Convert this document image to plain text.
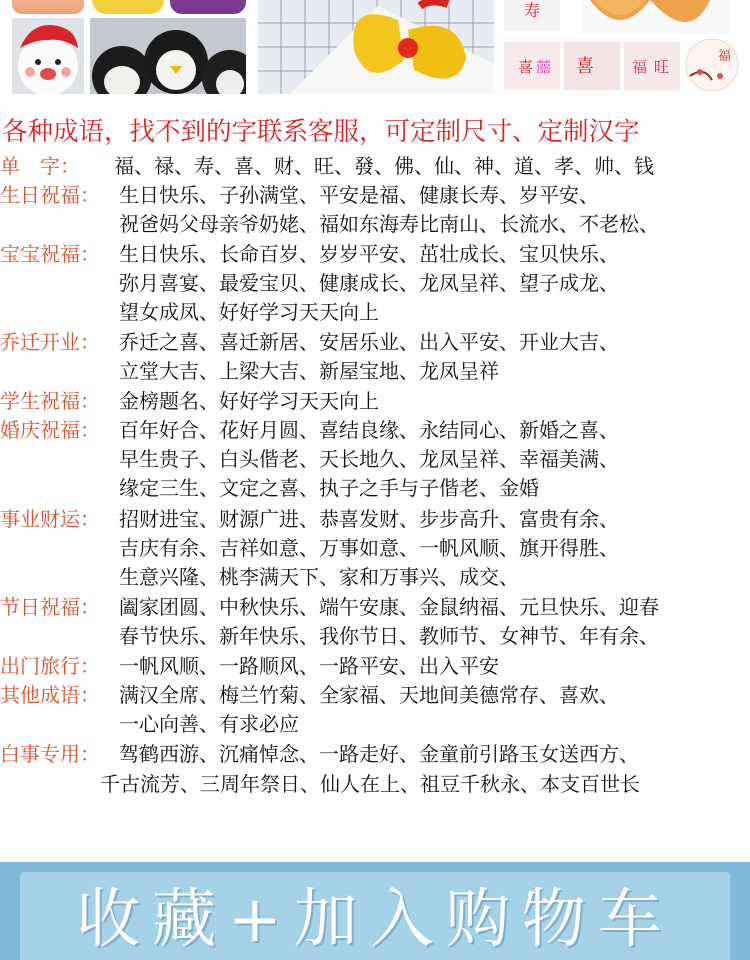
寿
喜 囍 喜	福 旺
福
各种成语，找不到的字联系客服，可定制尺寸、定制汉字
单　字： 福、禄、寿、喜、财、旺、發、佛、仙、神、道、孝、帅、钱
生日祝福： 生日快乐、子孙满堂、平安是福、健康长寿、岁平安、
祝爸妈父母亲爷奶姥、福如东海寿比南山、长流水、不老松、
宝宝祝福： 生日快乐、长命百岁、岁岁平安、茁壮成长、宝贝快乐、
弥月喜宴、最爱宝贝、健康成长、龙凤呈祥、望子成龙、
望女成凤、好好学习天天向上
乔迁开业： 乔迁之喜、喜迁新居、安居乐业、出入平安、开业大吉、
立堂大吉、上梁大吉、新屋宝地、龙凤呈祥
学生祝福： 金榜题名、好好学习天天向上
婚庆祝福： 百年好合、花好月圆、喜结良缘、永结同心、新婚之喜、
早生贵子、白头偕老、天长地久、龙凤呈祥、幸福美满、
缘定三生、文定之喜、执子之手与子偕老、金婚
事业财运： 招财进宝、财源广进、恭喜发财、步步高升、富贵有余、
吉庆有余、吉祥如意、万事如意、一帆风顺、旗开得胜、
生意兴隆、桃李满天下、家和万事兴、成交、
节日祝福： 阖家团圆、中秋快乐、端午安康、金鼠纳福、元旦快乐、迎春
春节快乐、新年快乐、我你节日、教师节、女神节、年有余、
出门旅行： 一帆风顺、一路顺风、一路平安、出入平安
其他成语： 满汉全席、梅兰竹菊、全家福、天地间美德常存、喜欢、
一心向善、有求必应
白事专用： 驾鹤西游、沉痛悼念、一路走好、金童前引路玉女送西方、
千古流芳、三周年祭日、仙人在上、祖豆千秋永、本支百世长
收藏+加入购物车
